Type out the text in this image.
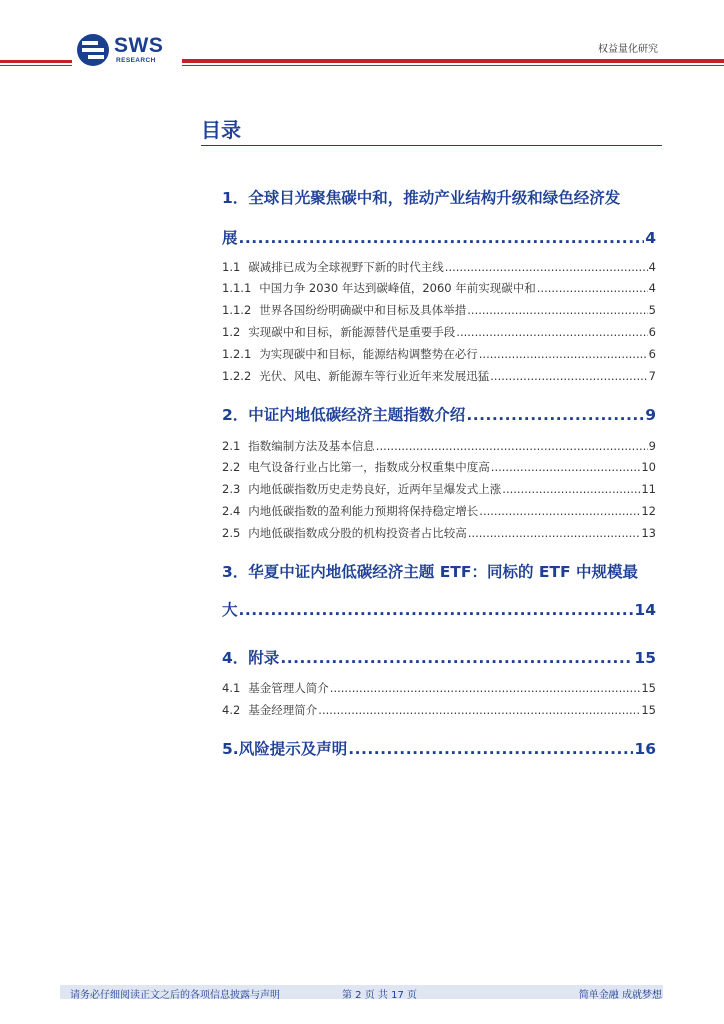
SWS
RESEARCH
权益量化研究
目录
1．全球目光聚焦碳中和，推动产业结构升级和绿色经济发
展 .....	4
1.1 碳减排已成为全球视野下新的时代主线 .....	4
1.1.1 中国力争 2030 年达到碳峰值，2060 年前实现碳中和 .....	4
1.1.2 世界各国纷纷明确碳中和目标及具体举措 .....	5
1.2 实现碳中和目标，新能源替代是重要手段 .....	6
1.2.1 为实现碳中和目标，能源结构调整势在必行 .....	6
1.2.2 光伏、风电、新能源车等行业近年来发展迅猛 .....	7
2． 中证内地低碳经济主题指数介绍 .....	9
2.1 指数编制方法及基本信息 .....	9
2.2 电气设备行业占比第一，指数成分权重集中度高 .....	10
2.3 内地低碳指数历史走势良好，近两年呈爆发式上涨 .....	11
2.4 内地低碳指数的盈利能力预期将保持稳定增长 .....	12
2.5 内地低碳指数成分股的机构投资者占比较高 .....	13
3．华夏中证内地低碳经济主题 ETF：同标的 ETF 中规模最
大 .....	14
4． 附录 .....	15
4.1 基金管理人简介 .....	15
4.2 基金经理简介 .....	15
5. 风险提示及声明 .....	16
请务必仔细阅读正文之后的各项信息披露与声明	第 2 页 共 17 页	简单金融 成就梦想
